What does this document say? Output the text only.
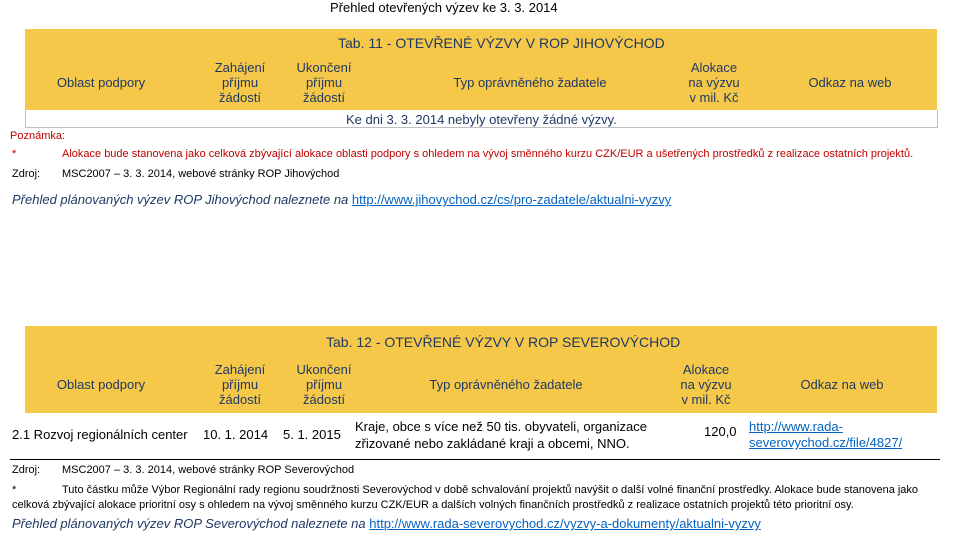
Přehled otevřených výzev ke 3. 3. 2014
Tab. 11 - OTEVŘENÉ VÝZVY V ROP JIHOVÝCHOD
Oblast podpory
Zahájení
příjmu
žádostí
Ukončení
příjmu
žádostí
Typ oprávněného žadatele
Alokace
na výzvu
v mil. Kč
Odkaz na web
Ke dni 3. 3. 2014 nebyly otevřeny žádné výzvy.
Poznámka:
*	Alokace bude stanovena jako celková zbývající alokace oblasti podpory s ohledem na vývoj směnného kurzu CZK/EUR a ušetřených prostředků z realizace ostatních projektů.
Zdroj: MSC2007 – 3. 3. 2014, webové stránky ROP Jihovýchod
Přehled plánovaných výzev ROP Jihovýchod naleznete na http://www.jihovychod.cz/cs/pro-zadatele/aktualni-vyzvy
Tab. 12 - OTEVŘENÉ VÝZVY V ROP SEVEROVÝCHOD
Oblast podpory
Zahájení
příjmu
žádostí
Ukončení
příjmu
žádostí
Typ oprávněného žadatele
Alokace
na výzvu
v mil. Kč
Odkaz na web
2.1 Rozvoj regionálních center 10. 1. 2014 5. 1. 2015
Kraje, obce s více než 50 tis. obyvateli, organizace
zřizované nebo zakládané kraji a obcemi, NNO.
120,0 http://www.rada-
severovychod.cz/file/4827/
Zdroj: MSC2007 – 3. 3. 2014, webové stránky ROP Severovýchod
*	Tuto částku může Výbor Regionální rady regionu soudržnosti Severovýchod v době schvalování projektů navýšit o další volné finanční prostředky. Alokace bude stanovena jako
celková zbývající alokace prioritní osy s ohledem na vývoj směnného kurzu CZK/EUR a dalších volných finančních prostředků z realizace ostatních projektů této prioritní osy.
Přehled plánovaných výzev ROP Severovýchod naleznete na http://www.rada-severovychod.cz/vyzvy-a-dokumenty/aktualni-vyzvy
